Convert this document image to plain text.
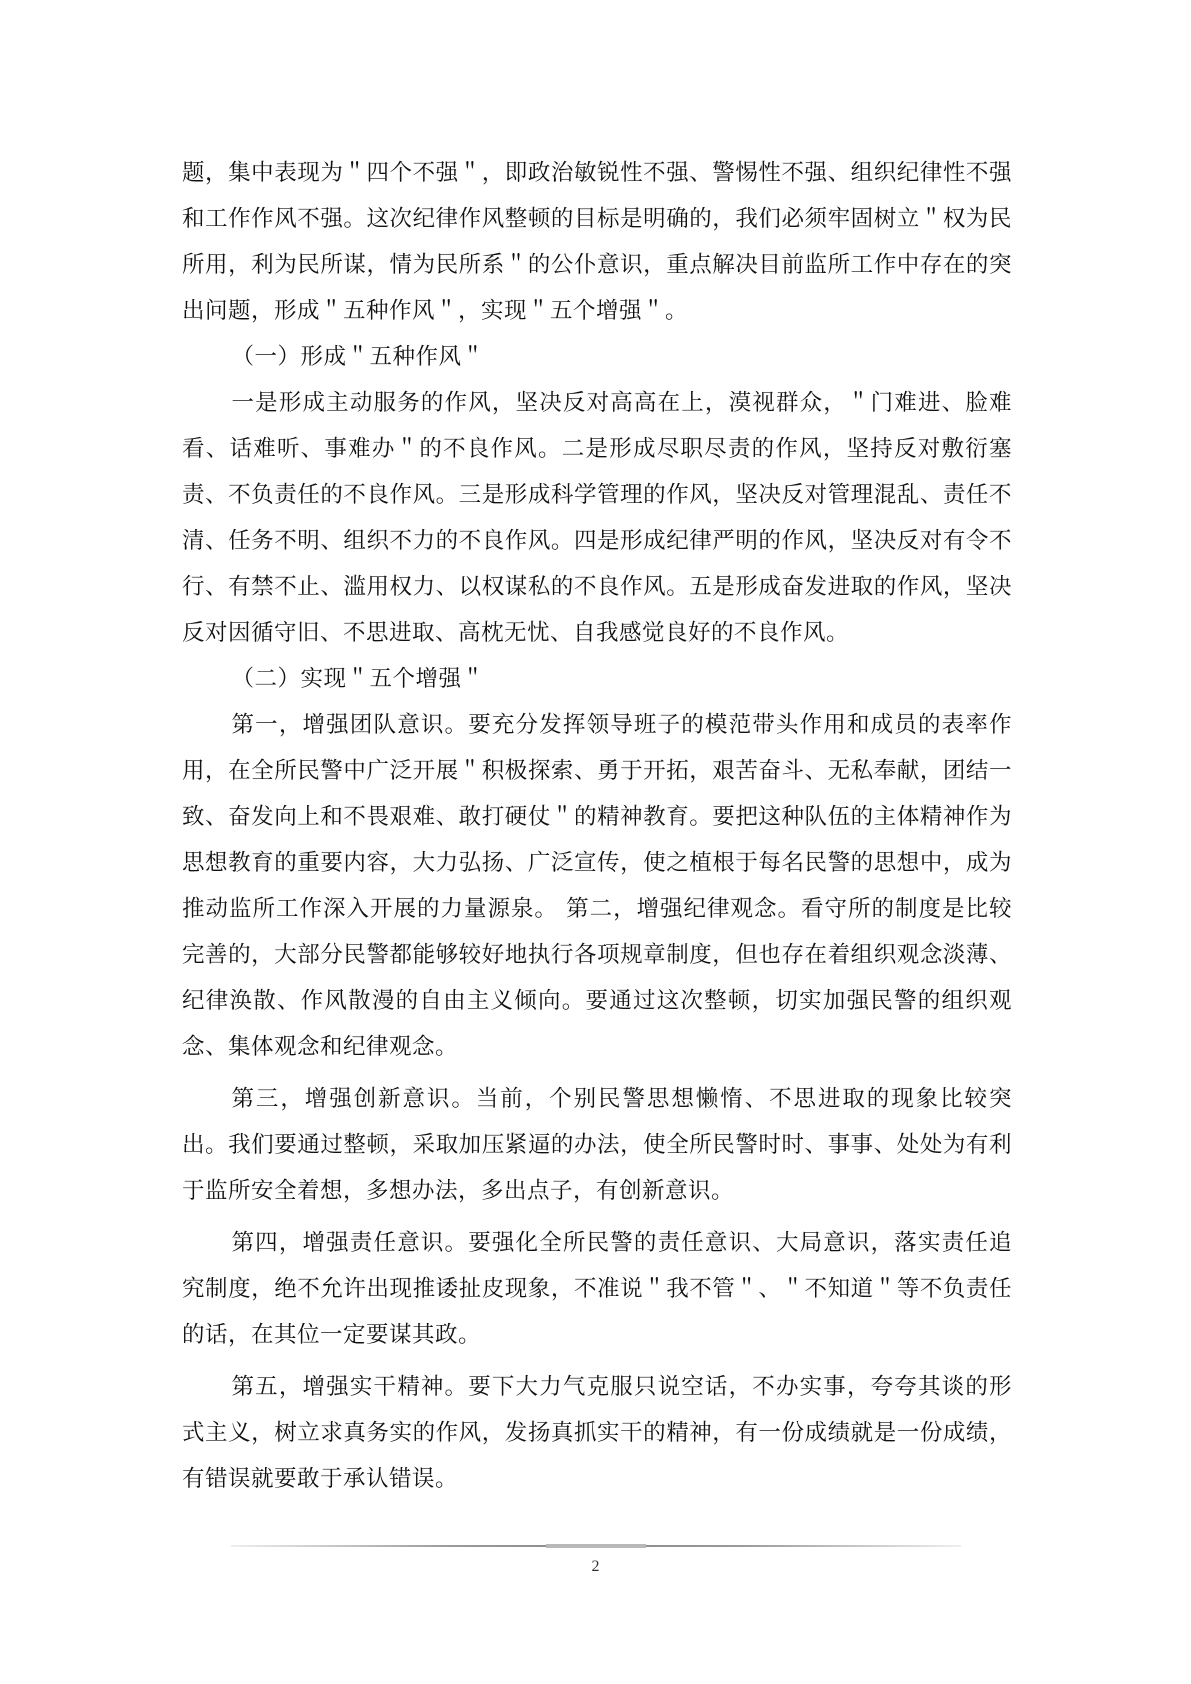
题，集中表现为＂四个不强＂，即政治敏锐性不强、警惕性不强、组织纪律性不强和工作作风不强。这次纪律作风整顿的目标是明确的，我们必须牢固树立＂权为民所用，利为民所谋，情为民所系＂的公仆意识，重点解决目前监所工作中存在的突出问题，形成＂五种作风＂，实现＂五个增强＂。

（一）形成＂五种作风＂

一是形成主动服务的作风，坚决反对高高在上，漠视群众，＂门难进、脸难看、话难听、事难办＂的不良作风。二是形成尽职尽责的作风，坚持反对敷衍塞责、不负责任的不良作风。三是形成科学管理的作风，坚决反对管理混乱、责任不清、任务不明、组织不力的不良作风。四是形成纪律严明的作风，坚决反对有令不行、有禁不止、滥用权力、以权谋私的不良作风。五是形成奋发进取的作风，坚决反对因循守旧、不思进取、高枕无忧、自我感觉良好的不良作风。

（二）实现＂五个增强＂

第一，增强团队意识。要充分发挥领导班子的模范带头作用和成员的表率作用，在全所民警中广泛开展＂积极探索、勇于开拓，艰苦奋斗、无私奉献，团结一致、奋发向上和不畏艰难、敢打硬仗＂的精神教育。要把这种队伍的主体精神作为思想教育的重要内容，大力弘扬、广泛宣传，使之植根于每名民警的思想中，成为推动监所工作深入开展的力量源泉。 第二，增强纪律观念。看守所的制度是比较完善的，大部分民警都能够较好地执行各项规章制度，但也存在着组织观念淡薄、纪律涣散、作风散漫的自由主义倾向。要通过这次整顿，切实加强民警的组织观念、集体观念和纪律观念。

第三，增强创新意识。当前，个别民警思想懒惰、不思进取的现象比较突出。我们要通过整顿，采取加压紧逼的办法，使全所民警时时、事事、处处为有利于监所安全着想，多想办法，多出点子，有创新意识。

第四，增强责任意识。要强化全所民警的责任意识、大局意识，落实责任追究制度，绝不允许出现推诿扯皮现象，不准说＂我不管＂、＂不知道＂等不负责任的话，在其位一定要谋其政。

第五，增强实干精神。要下大力气克服只说空话，不办实事，夸夸其谈的形式主义，树立求真务实的作风，发扬真抓实干的精神，有一份成绩就是一份成绩，有错误就要敢于承认错误。

2
